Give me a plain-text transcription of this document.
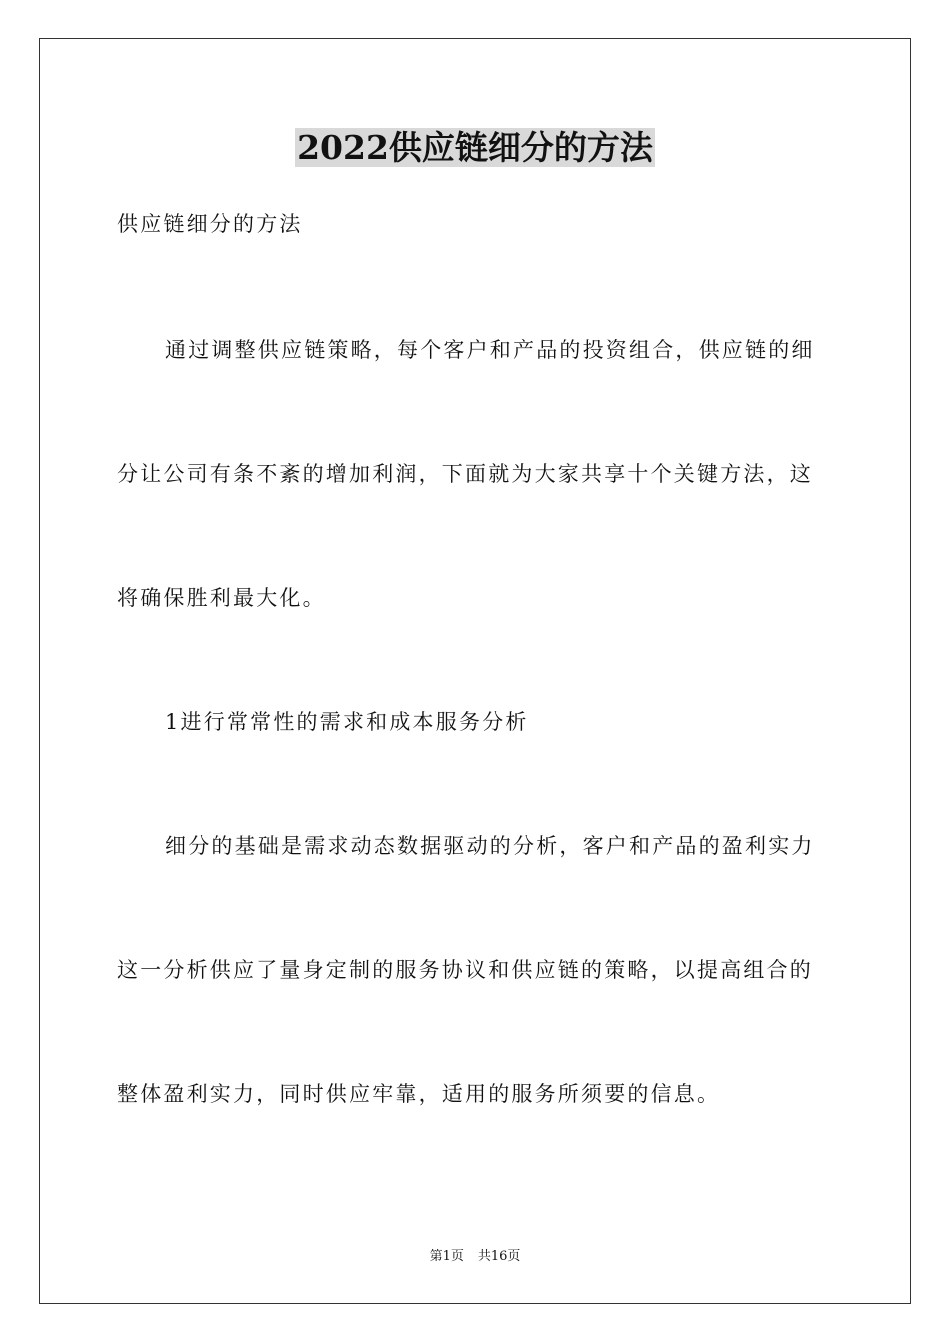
2022供应链细分的方法
供应链细分的方法
通过调整供应链策略，每个客户和产品的投资组合，供应链的细
分让公司有条不紊的增加利润，下面就为大家共享十个关键方法，这
将确保胜利最大化。
1进行常常性的需求和成本服务分析
细分的基础是需求动态数据驱动的分析，客户和产品的盈利实力
这一分析供应了量身定制的服务协议和供应链的策略，以提高组合的
整体盈利实力，同时供应牢靠，适用的服务所须要的信息。
第1页 共16页
